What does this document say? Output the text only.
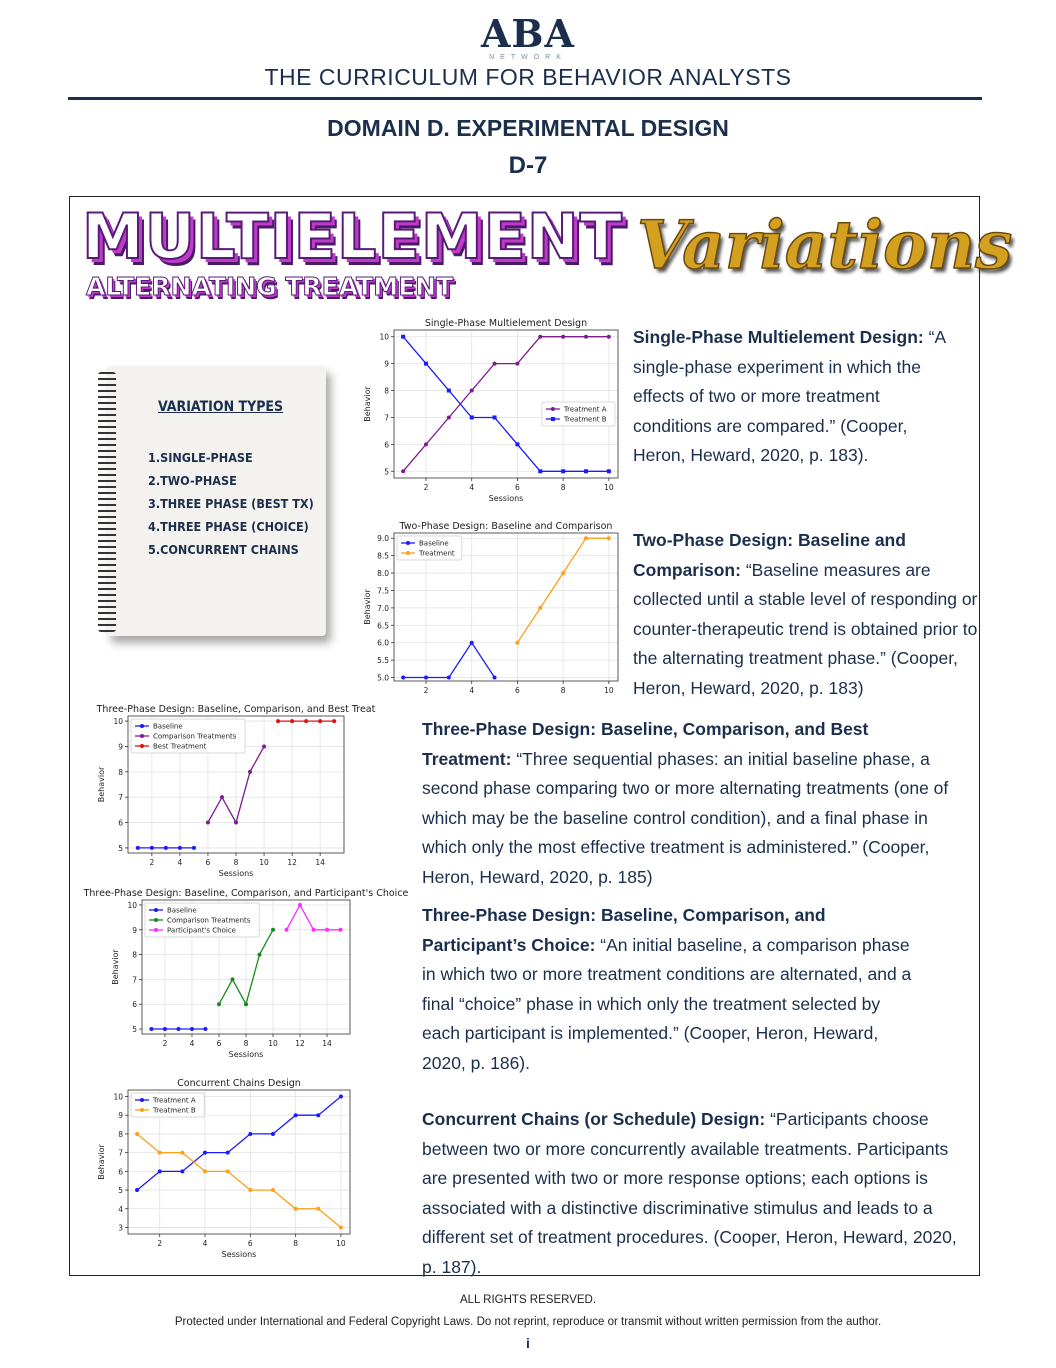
ABA
NETWORK
THE CURRICULUM FOR BEHAVIOR ANALYSTS
DOMAIN D. EXPERIMENTAL DESIGN
D-7
MULTIELEMENT
ALTERNATING TREATMENT
Variations
VARIATION TYPES
1.SINGLE-PHASE
2.TWO-PHASE
3.THREE PHASE (BEST TX)
4.THREE PHASE (CHOICE)
5.CONCURRENT CHAINS
Single-Phase Multielement Design
5
6
7
8
9
10
2	4	6	8	10
Sessions
Behavior	Treatment A
Treatment B
Two-Phase Design: Baseline and Comparison
5.0
5.5
6.0
6.5
7.0
7.5
8.0
8.5
9.0
2	4	6	8	10
Behavior
Baseline
Treatment
Three-Phase Design: Baseline, Comparison, and Best Treat
5
6
7
8
9
10
2	4	6	8	10 12 14
Sessions
Behavior
Baseline
Comparison Treatments
Best Treatment
Three-Phase Design: Baseline, Comparison, and Participant's Choice
5
6
7
8
9
10
2	4	6	8	10 12 14
Sessions
Behavior
Baseline
Comparison Treatments
Participant's Choice
Concurrent Chains Design
3
4
5
6
7
8
9
10
2	4	6	8	10
Sessions
Behavior
Treatment A
Treatment B
Single-Phase Multielement Design: “A single-phase experiment in which the effects of two or more treatment conditions are compared.” (Cooper, Heron, Heward, 2020, p. 183).
Two-Phase Design: Baseline and Comparison: “Baseline measures are collected until a stable level of responding or counter-therapeutic trend is obtained prior to the alternating treatment phase.” (Cooper, Heron, Heward, 2020, p. 183)
Three-Phase Design: Baseline, Comparison, and Best Treatment: “Three sequential phases: an initial baseline phase, a second phase comparing two or more alternating treatments (one of which may be the baseline control condition), and a final phase in which only the most effective treatment is administered.” (Cooper, Heron, Heward, 2020, p. 185)
Three-Phase Design: Baseline, Comparison, and Participant’s Choice: “An initial baseline, a comparison phase in which two or more treatment conditions are alternated, and a final “choice” phase in which only the treatment selected by each participant is implemented.” (Cooper, Heron, Heward, 2020, p. 186).
Concurrent Chains (or Schedule) Design: “Participants choose between two or more concurrently available treatments. Participants are presented with two or more response options; each options is associated with a distinctive discriminative stimulus and leads to a different set of treatment procedures. (Cooper, Heron, Heward, 2020, p. 187).
ALL RIGHTS RESERVED.
Protected under International and Federal Copyright Laws. Do not reprint, reproduce or transmit without written permission from the author.
i
